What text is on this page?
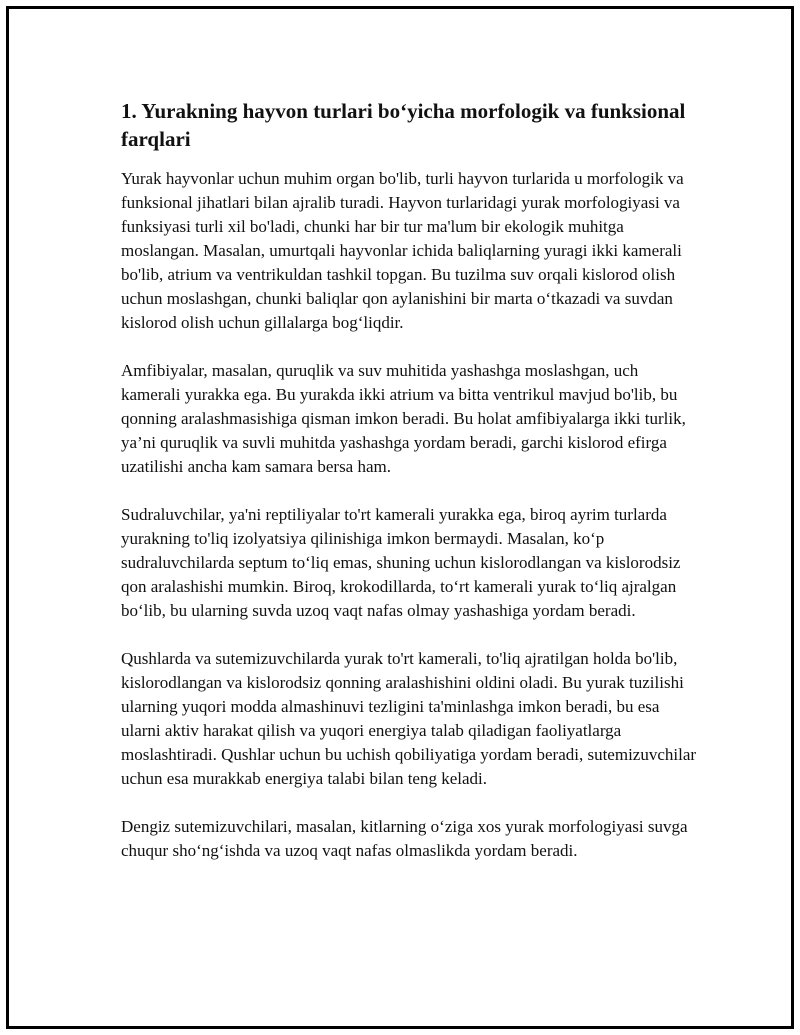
1. Yurakning hayvon turlari bo‘yicha morfologik va funksional farqlari

Yurak hayvonlar uchun muhim organ bo'lib, turli hayvon turlarida u morfologik va funksional jihatlari bilan ajralib turadi. Hayvon turlaridagi yurak morfologiyasi va funksiyasi turli xil bo'ladi, chunki har bir tur ma'lum bir ekologik muhitga moslangan. Masalan, umurtqali hayvonlar ichida baliqlarning yuragi ikki kamerali bo'lib, atrium va ventrikuldan tashkil topgan. Bu tuzilma suv orqali kislorod olish uchun moslashgan, chunki baliqlar qon aylanishini bir marta o‘tkazadi va suvdan kislorod olish uchun gillalarga bog‘liqdir.

Amfibiyalar, masalan, quruqlik va suv muhitida yashashga moslashgan, uch kamerali yurakka ega. Bu yurakda ikki atrium va bitta ventrikul mavjud bo'lib, bu qonning aralashmasishiga qisman imkon beradi. Bu holat amfibiyalarga ikki turlik, ya’ni quruqlik va suvli muhitda yashashga yordam beradi, garchi kislorod efirga uzatilishi ancha kam samara bersa ham.

Sudraluvchilar, ya'ni reptiliyalar to'rt kamerali yurakka ega, biroq ayrim turlarda yurakning to'liq izolyatsiya qilinishiga imkon bermaydi. Masalan, ko‘p sudraluvchilarda septum to‘liq emas, shuning uchun kislorodlangan va kislorodsiz qon aralashishi mumkin. Biroq, krokodillarda, to‘rt kamerali yurak to‘liq ajralgan bo‘lib, bu ularning suvda uzoq vaqt nafas olmay yashashiga yordam beradi.

Qushlarda va sutemizuvchilarda yurak to'rt kamerali, to'liq ajratilgan holda bo'lib, kislorodlangan va kislorodsiz qonning aralashishini oldini oladi. Bu yurak tuzilishi ularning yuqori modda almashinuvi tezligini ta'minlashga imkon beradi, bu esa ularni aktiv harakat qilish va yuqori energiya talab qiladigan faoliyatlarga moslashtiradi. Qushlar uchun bu uchish qobiliyatiga yordam beradi, sutemizuvchilar uchun esa murakkab energiya talabi bilan teng keladi.

Dengiz sutemizuvchilari, masalan, kitlarning o‘ziga xos yurak morfologiyasi suvga chuqur sho‘ng‘ishda va uzoq vaqt nafas olmaslikda yordam beradi.
